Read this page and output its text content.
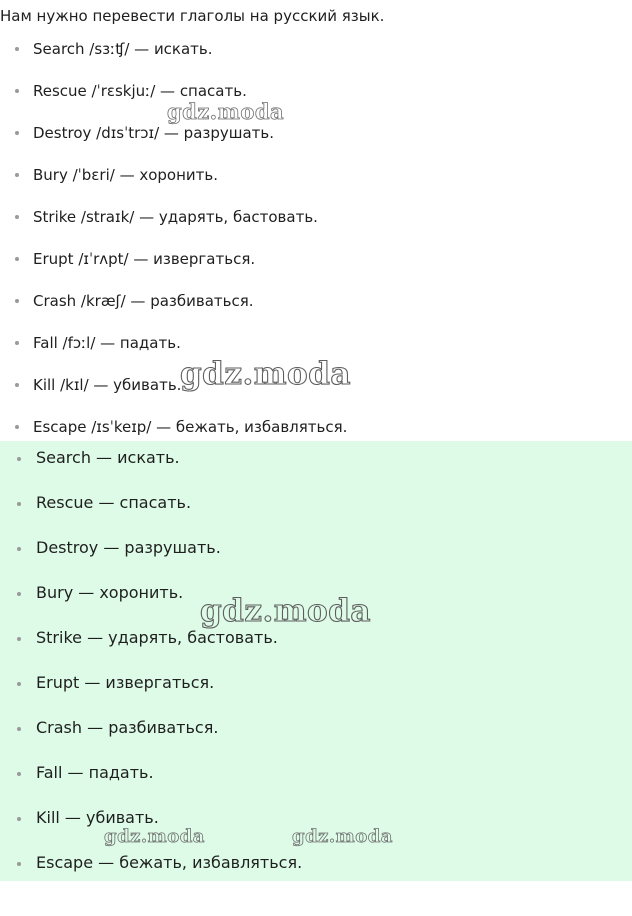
Нам нужно перевести глаголы на русский язык.
Search /sɜːʧ/ — искать.
Rescue /ˈrɛskjuː/ — спасать.
Destroy /dɪsˈtrɔɪ/ — разрушать.
Bury /ˈbɛri/ — хоронить.
Strike /straɪk/ — ударять, бастовать.
Erupt /ɪˈrʌpt/ — извергаться.
Crash /kræʃ/ — разбиваться.
Fall /fɔːl/ — падать.
Kill /kɪl/ — убивать.
Escape /ɪsˈkeɪp/ — бежать, избавляться.
Search — искать.
Rescue — спасать.
Destroy — разрушать.
Bury — хоронить.
Strike — ударять, бастовать.
Erupt — извергаться.
Crash — разбиваться.
Fall — падать.
Kill — убивать.
Escape — бежать, избавляться.
gdz.moda
gdz.moda
